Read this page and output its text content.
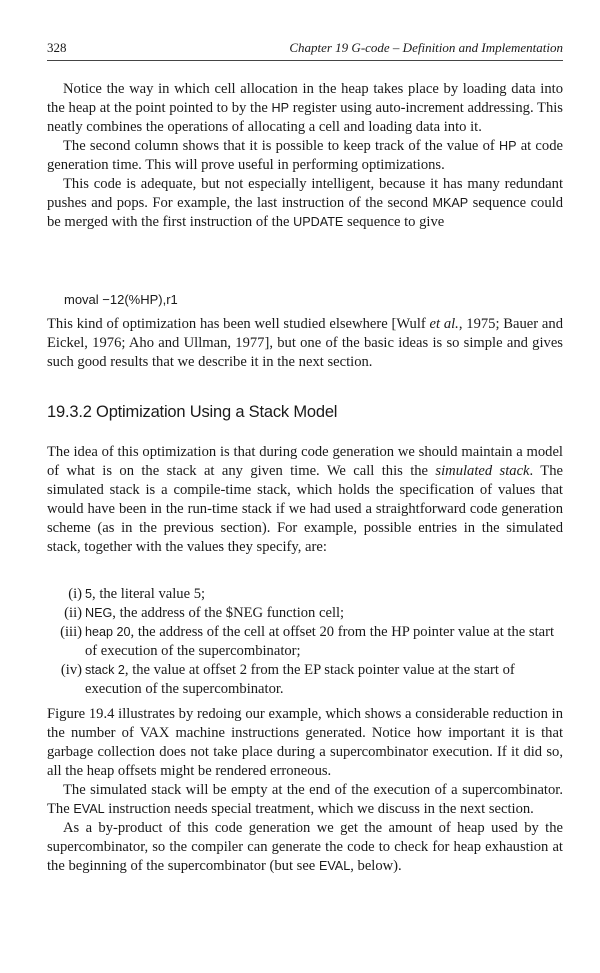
328	Chapter 19 G-code – Definition and Implementation

Notice the way in which cell allocation in the heap takes place by loading data into the heap at the point pointed to by the HP register using auto-increment addressing. This neatly combines the operations of allocating a cell and loading data into it.

The second column shows that it is possible to keep track of the value of HP at code generation time. This will prove useful in performing optimizations.

This code is adequate, but not especially intelligent, because it has many redundant pushes and pops. For example, the last instruction of the second MKAP sequence could be merged with the first instruction of the UPDATE sequence to give

moval −12(%HP),r1

This kind of optimization has been well studied elsewhere [Wulf et al., 1975; Bauer and Eickel, 1976; Aho and Ullman, 1977], but one of the basic ideas is so simple and gives such good results that we describe it in the next section.

19.3.2 Optimization Using a Stack Model

The idea of this optimization is that during code generation we should maintain a model of what is on the stack at any given time. We call this the simulated stack. The simulated stack is a compile-time stack, which holds the specification of values that would have been in the run-time stack if we had used a straightforward code generation scheme (as in the previous section). For example, possible entries in the simulated stack, together with the values they specify, are:

(i) 5, the literal value 5;
(ii) NEG, the address of the $NEG function cell;
(iii) heap 20, the address of the cell at offset 20 from the HP pointer value at the start of execution of the supercombinator;
(iv) stack 2, the value at offset 2 from the EP stack pointer value at the start of execution of the supercombinator.

Figure 19.4 illustrates by redoing our example, which shows a considerable reduction in the number of VAX machine instructions generated. Notice how important it is that garbage collection does not take place during a supercombinator execution. If it did so, all the heap offsets might be rendered erroneous.

The simulated stack will be empty at the end of the execution of a supercombinator. The EVAL instruction needs special treatment, which we discuss in the next section.

As a by-product of this code generation we get the amount of heap used by the supercombinator, so the compiler can generate the code to check for heap exhaustion at the beginning of the supercombinator (but see EVAL, below).
